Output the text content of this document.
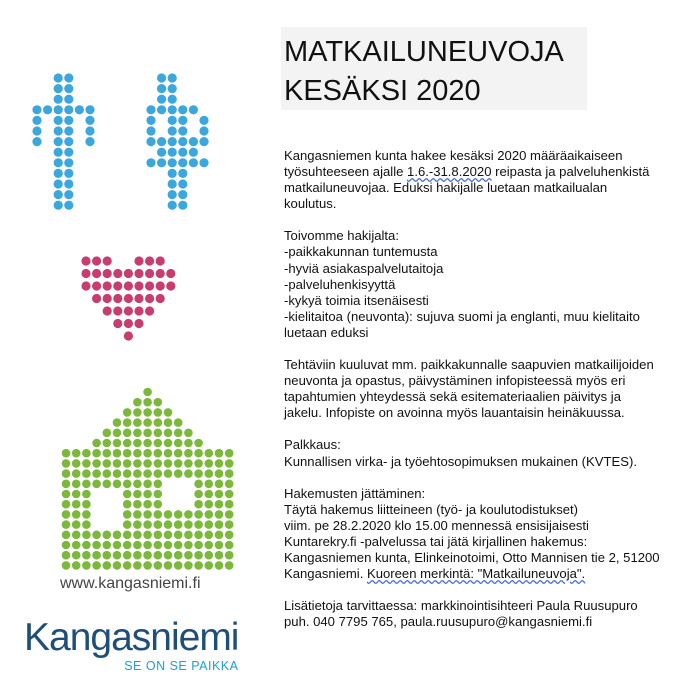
www.kangasniemi.fi
Kangasniemi
SE ON SE PAIKKA
MATKAILUNEUVOJA
KESÄKSI 2020

Kangasniemen kunta hakee kesäksi 2020 määräaikaiseen

työsuhteeseen ajalle 1.6.-31.8.2020 reipasta ja palveluhenkistä

matkailuneuvojaa. Eduksi hakijalle luetaan matkailualan

koulutus.

Toivomme hakijalta:

-paikkakunnan tuntemusta

-hyviä asiakaspalvelutaitoja

-palveluhenkisyyttä

-kykyä toimia itsenäisesti

-kielitaitoa (neuvonta): sujuva suomi ja englanti, muu kielitaito

luetaan eduksi

Tehtäviin kuuluvat mm. paikkakunnalle saapuvien matkailijoiden

neuvonta ja opastus, päivystäminen infopisteessä myös eri

tapahtumien yhteydessä sekä esitemateriaalien päivitys ja

jakelu. Infopiste on avoinna myös lauantaisin heinäkuussa.

Palkkaus:

Kunnallisen virka- ja työehtosopimuksen mukainen (KVTES).

Hakemusten jättäminen:

Täytä hakemus liitteineen (työ- ja koulutodistukset)

viim. pe 28.2.2020 klo 15.00 mennessä ensisijaisesti

Kuntarekry.fi -palvelussa tai jätä kirjallinen hakemus:

Kangasniemen kunta, Elinkeinotoimi, Otto Mannisen tie 2, 51200

Kangasniemi. Kuoreen merkintä: "Matkailuneuvoja".

Lisätietoja tarvittaessa: markkinointisihteeri Paula Ruusupuro

puh. 040 7795 765, paula.ruusupuro@kangasniemi.fi
